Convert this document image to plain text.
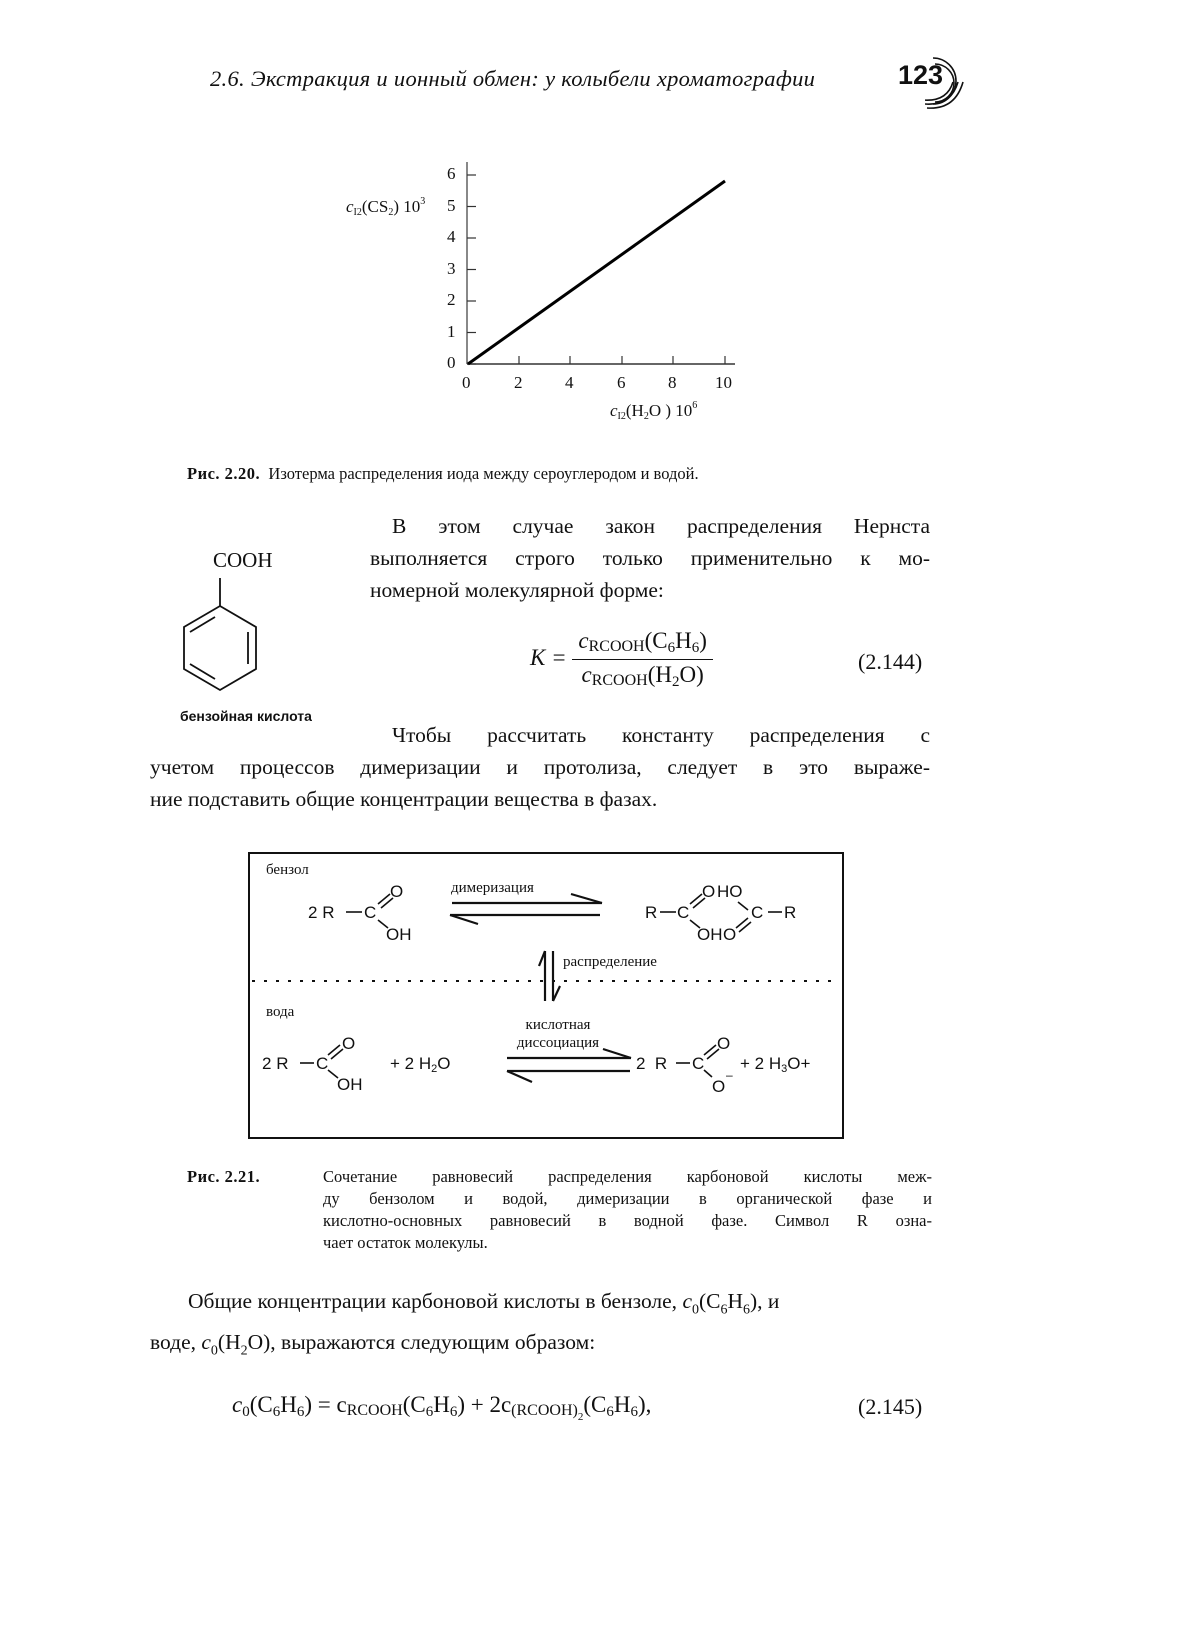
2.6. Экстракция и ионный обмен: у колыбели хроматографии	123
6
5
4
3
2
1
0
0	2	4	6	8 10
$c_{I2}(CS_2)$ $10^3$
$c_{I2}(H_2O$ ) $10^6$
Рис. 2.20. Изотерма распределения иода между сероуглеродом и водой.
COOH
бензойная кислота
В этом случае закон распределения Нернста
выполняется строго только применительно к мо-
номерной молекулярной форме:
$K = \frac{cRCOOH(C_6H_6)}{cRCOOH(H_2O)}$	(2.144)
Чтобы рассчитать константу распределения с
учетом процессов димеризации и протолиза, следует в это выраже-
ние подставить общие концентрации вещества в фазах.
бензол
вода
димеризация
распределение
кислотная
диссоциация
2 R C
O
OH
R C
O HO
OH O
C R
2 R C
O
OH
+ 2 $H_2O$	2 R C
O
O
–
+ 2 $H_3O+$
Рис. 2.21.	Сочетание равновесий распределения карбоновой кислоты меж-
ду бензолом и водой, димеризации в органической фазе и
кислотно-основных равновесий в водной фазе. Символ R озна-
чает остаток молекулы.
Общие концентрации карбоновой кислоты в бензоле, $c_0(C_6H_6)$, и
воде, $c_0(H_2O)$, выражаются следующим образом:
$c_0(C_6H_6)$ = $cRCOOH(C_6H_6)$ + $2c(RCOOH)_2(C_6H_6)$,	(2.145)
